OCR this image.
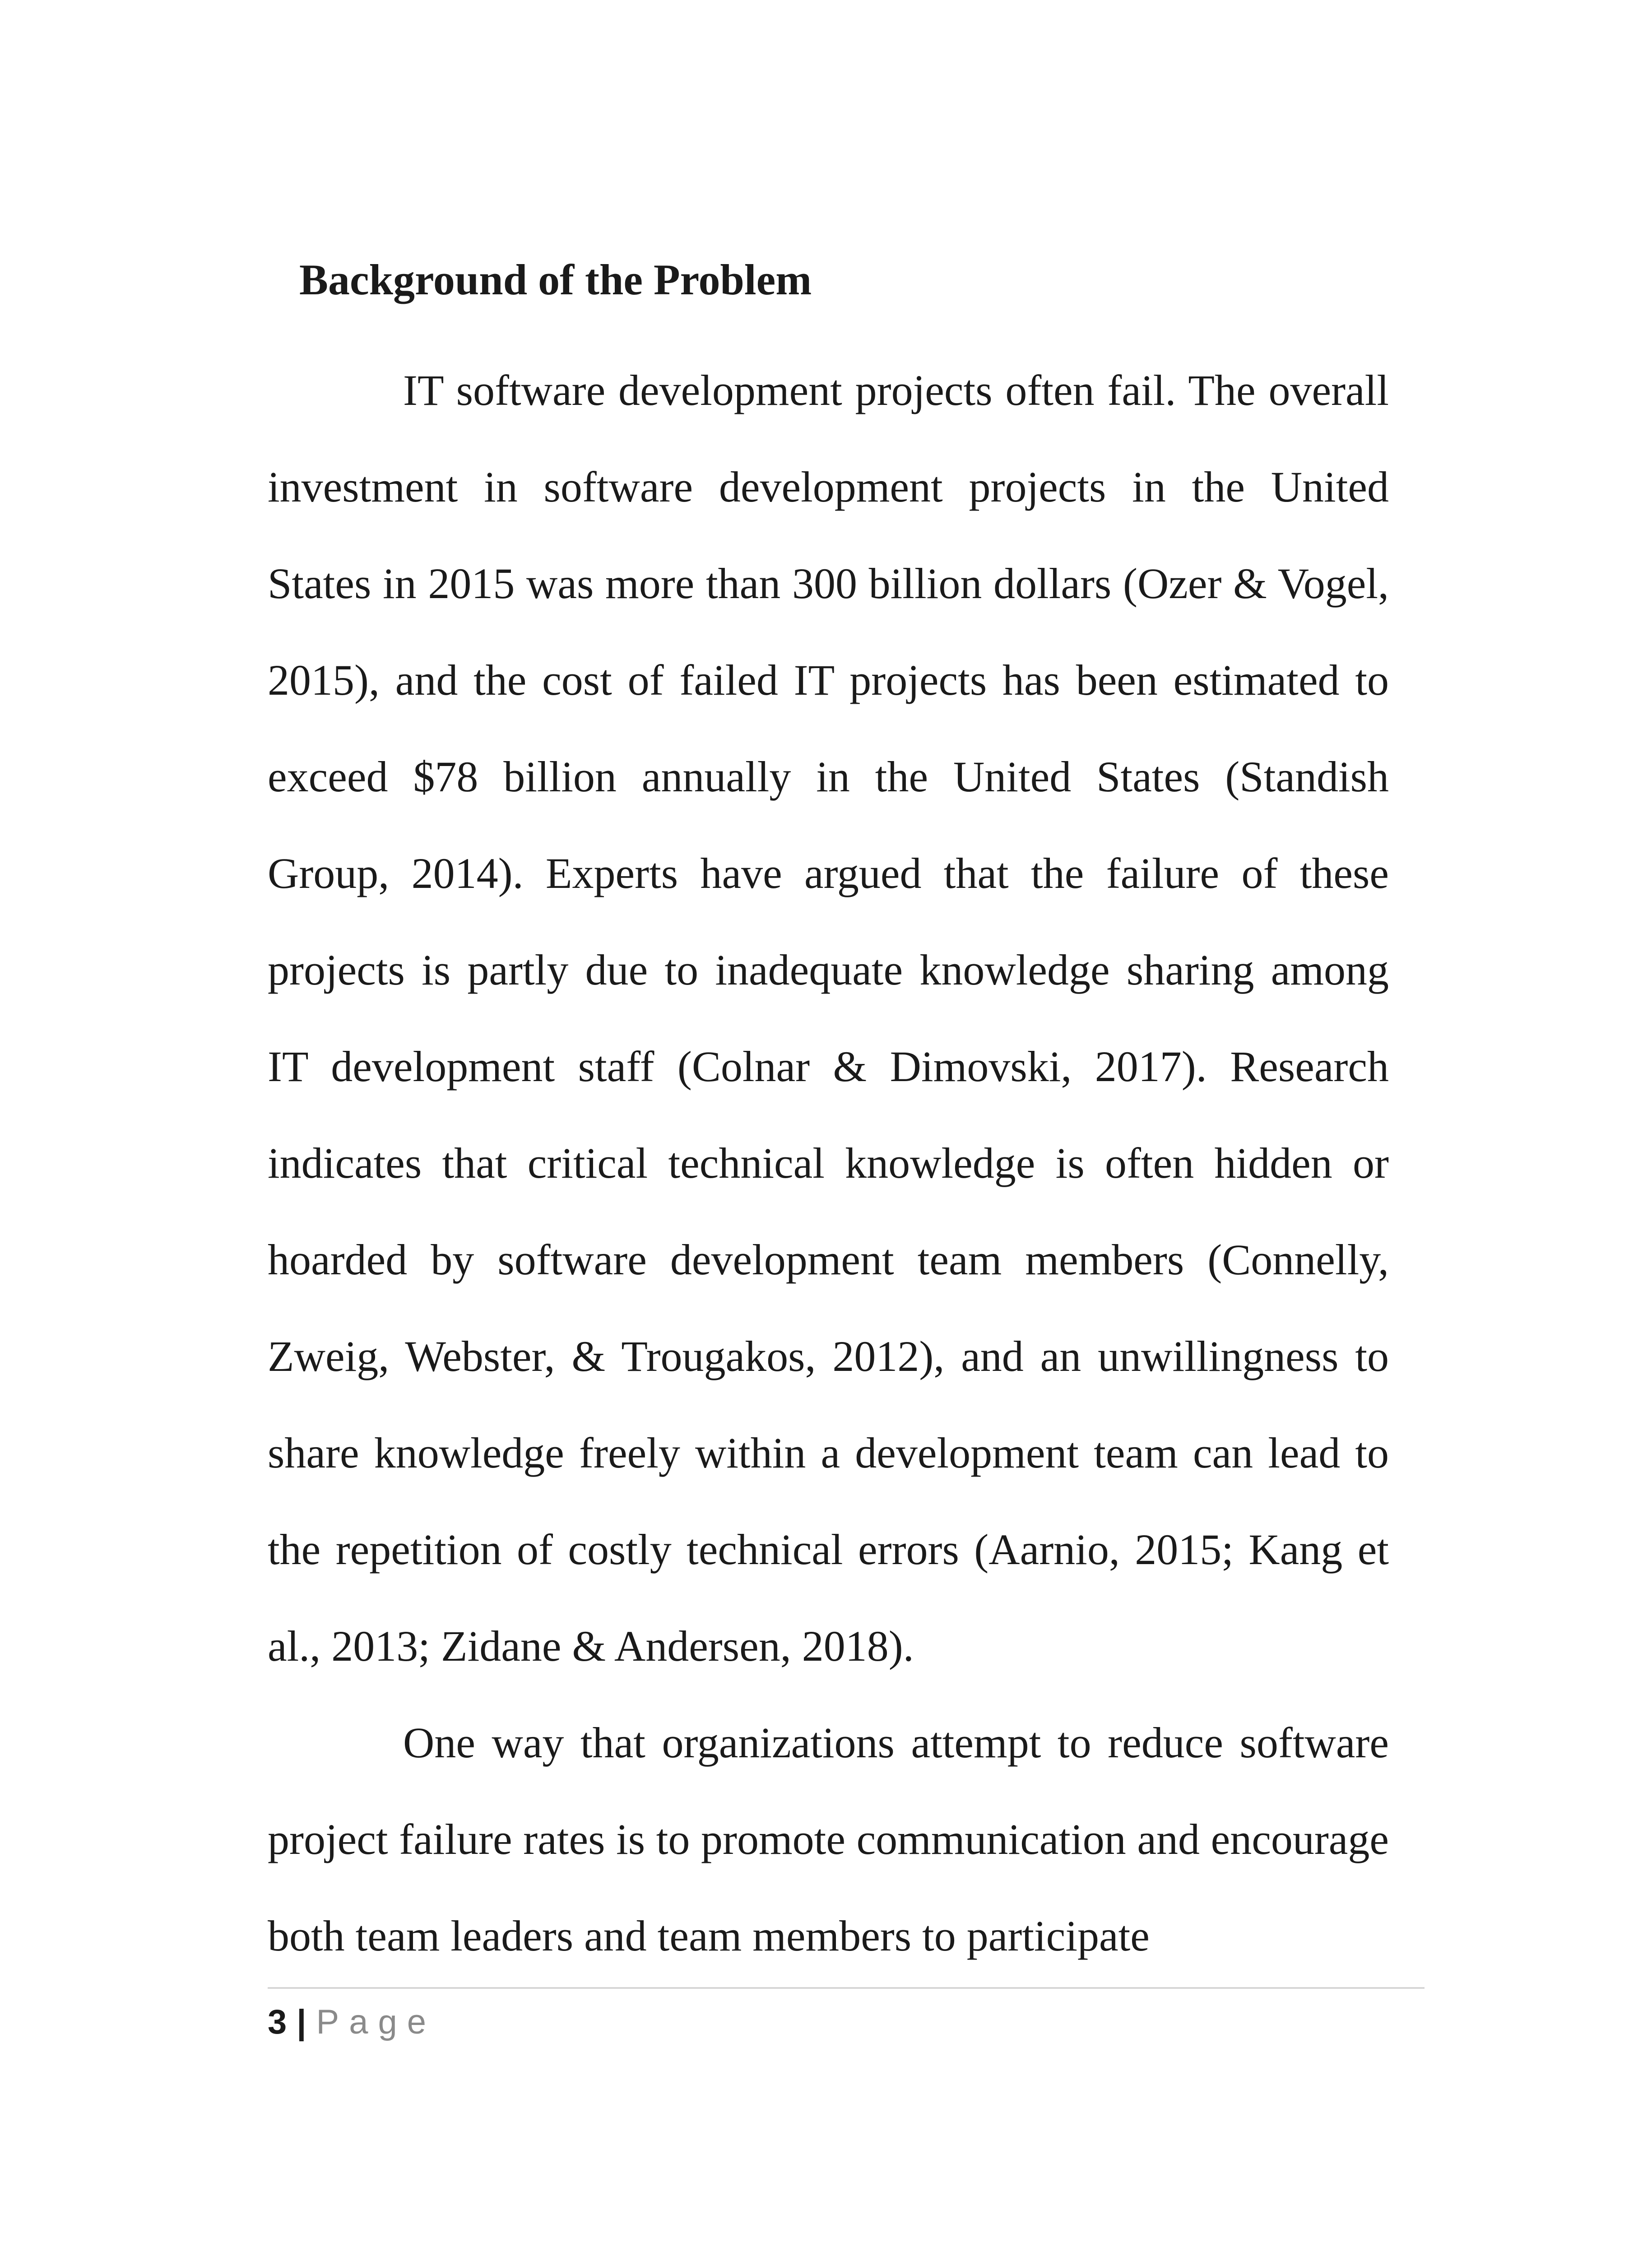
Background of the Problem

IT software development projects often fail. The overall investment in software development projects in the United States in 2015 was more than 300 billion dollars (Ozer & Vogel, 2015), and the cost of failed IT projects has been estimated to exceed $78 billion annually in the United States (Standish Group, 2014). Experts have argued that the failure of these projects is partly due to inadequate knowledge sharing among IT development staff (Colnar & Dimovski, 2017). Research indicates that critical technical knowledge is often hidden or hoarded by software development team members (Connelly, Zweig, Webster, & Trougakos, 2012), and an unwillingness to share knowledge freely within a development team can lead to the repetition of costly technical errors (Aarnio, 2015; Kang et al., 2013; Zidane & Andersen, 2018).

One way that organizations attempt to reduce software project failure rates is to promote communication and encourage both team leaders and team members to participate

3 | Page
